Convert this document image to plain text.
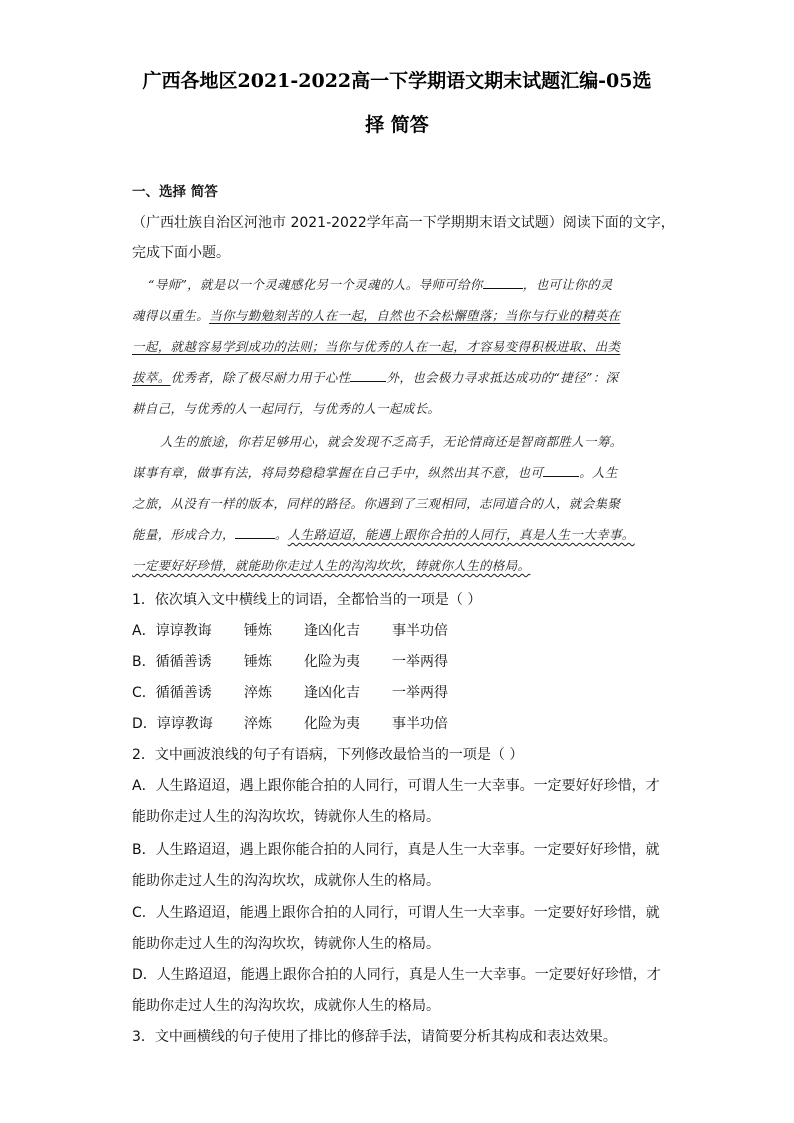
广西各地区2021-2022高一下学期语文期末试题汇编-05选
择 简答
一、选择 简答
（广西壮族自治区河池市 2021-2022学年高一下学期期末语文试题）阅读下面的文字，
完成下面小题。
“导师”，就是以一个灵魂感化另一个灵魂的人。导师可给你	，也可让你的灵
魂得以重生。当你与勤勉刻苦的人在一起，自然也不会松懈堕落；当你与行业的精英在
一起，就越容易学到成功的法则；当你与优秀的人在一起，才容易变得积极进取、出类
拔萃。优秀者，除了极尽耐力用于心性	外，也会极力寻求抵达成功的“捷径”：深
耕自己，与优秀的人一起同行，与优秀的人一起成长。
人生的旅途，你若足够用心，就会发现不乏高手，无论情商还是智商都胜人一筹。
谋事有章，做事有法，将局势稳稳掌握在自己手中，纵然出其不意，也可	。人生
之旅，从没有一样的版本，同样的路径。你遇到了三观相同，志同道合的人，就会集聚
能量，形成合力，	。人生路迢迢，能遇上跟你合拍的人同行，真是人生一大幸事。
一定要好好珍惜，就能助你走过人生的沟沟坎坎，铸就你人生的格局。
1．依次填入文中横线上的词语，全都恰当的一项是（ ）
A．谆谆教诲 锤炼 逢凶化吉 事半功倍
B．循循善诱 锤炼 化险为夷 一举两得
C．循循善诱 淬炼 逢凶化吉 一举两得
D．谆谆教诲 淬炼 化险为夷 事半功倍
2．文中画波浪线的句子有语病，下列修改最恰当的一项是（ ）
A．人生路迢迢，遇上跟你能合拍的人同行，可谓人生一大幸事。一定要好好珍惜，才
能助你走过人生的沟沟坎坎，铸就你人生的格局。
B．人生路迢迢，遇上跟你能合拍的人同行，真是人生一大幸事。一定要好好珍惜，就
能助你走过人生的沟沟坎坎，成就你人生的格局。
C．人生路迢迢，能遇上跟你合拍的人同行，可谓人生一大幸事。一定要好好珍惜，就
能助你走过人生的沟沟坎坎，铸就你人生的格局。
D．人生路迢迢，能遇上跟你合拍的人同行，真是人生一大幸事。一定要好好珍惜，才
能助你走过人生的沟沟坎坎，成就你人生的格局。
3．文中画横线的句子使用了排比的修辞手法，请简要分析其构成和表达效果。
